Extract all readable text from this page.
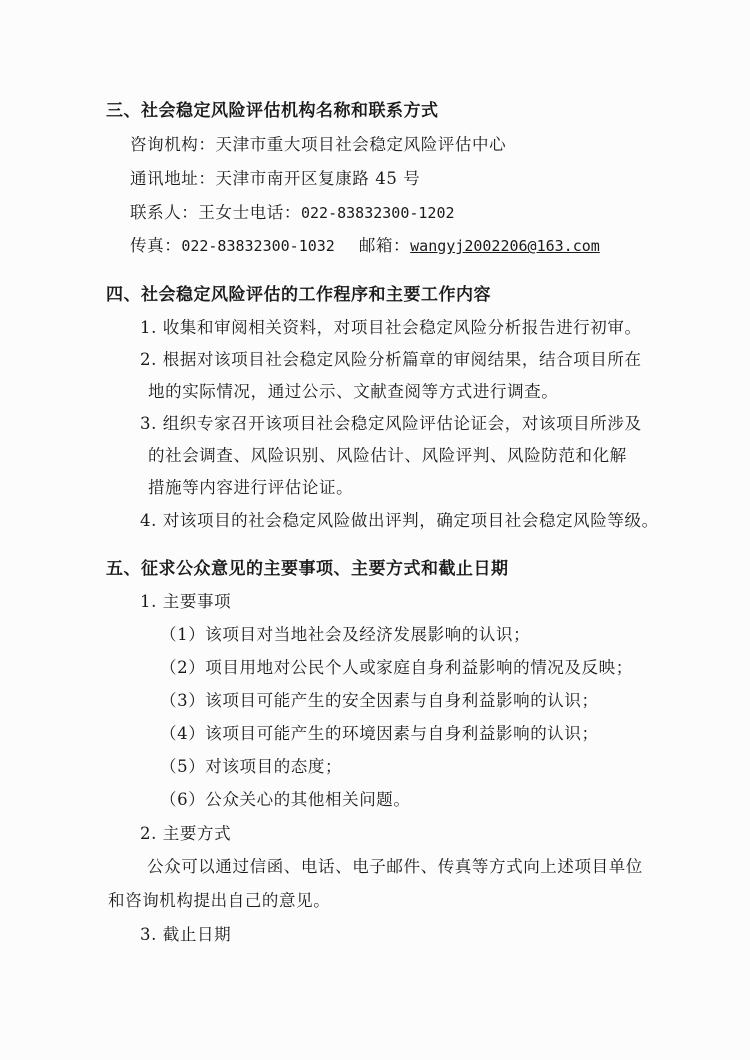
三、社会稳定风险评估机构名称和联系方式
咨询机构：天津市重大项目社会稳定风险评估中心
通讯地址：天津市南开区复康路 45 号
联系人：王女士电话：022-83832300-1202
传真：022-83832300-1032 邮箱：wangyj2002206@163.com
四、社会稳定风险评估的工作程序和主要工作内容
1. 收集和审阅相关资料，对项目社会稳定风险分析报告进行初审。
2. 根据对该项目社会稳定风险分析篇章的审阅结果，结合项目所在
地的实际情况，通过公示、文献查阅等方式进行调查。
3. 组织专家召开该项目社会稳定风险评估论证会，对该项目所涉及
的社会调查、风险识别、风险估计、风险评判、风险防范和化解
措施等内容进行评估论证。
4. 对该项目的社会稳定风险做出评判，确定项目社会稳定风险等级。
五、征求公众意见的主要事项、主要方式和截止日期
1. 主要事项
（1）该项目对当地社会及经济发展影响的认识；
（2）项目用地对公民个人或家庭自身利益影响的情况及反映；
（3）该项目可能产生的安全因素与自身利益影响的认识；
（4）该项目可能产生的环境因素与自身利益影响的认识；
（5）对该项目的态度；
（6）公众关心的其他相关问题。
2. 主要方式
公众可以通过信函、电话、电子邮件、传真等方式向上述项目单位
和咨询机构提出自己的意见。
3. 截止日期
